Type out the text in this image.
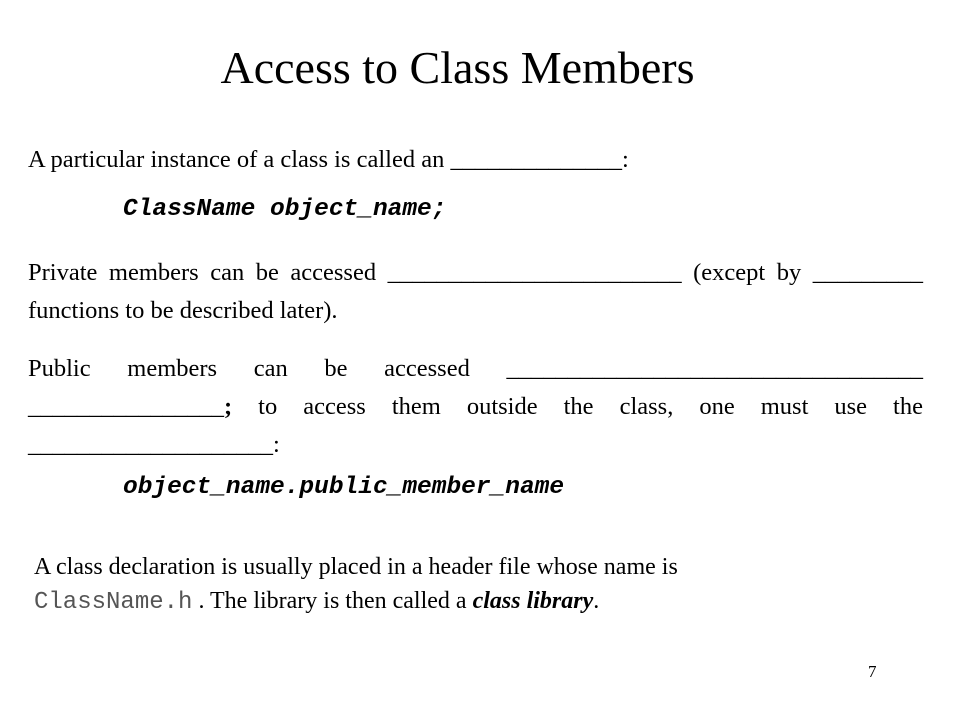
Access to Class Members
A particular instance of a class is called an ______________:
ClassName object_name;
Private members can be accessed ________________________ (except by _________ functions to be described later).
Public members can be accessed __________________________________ ________________; to access them outside the class, one must use the ____________________:
object_name.public_member_name
A class declaration is usually placed in a header file whose name is ClassName.h . The library is then called a class library.
7
